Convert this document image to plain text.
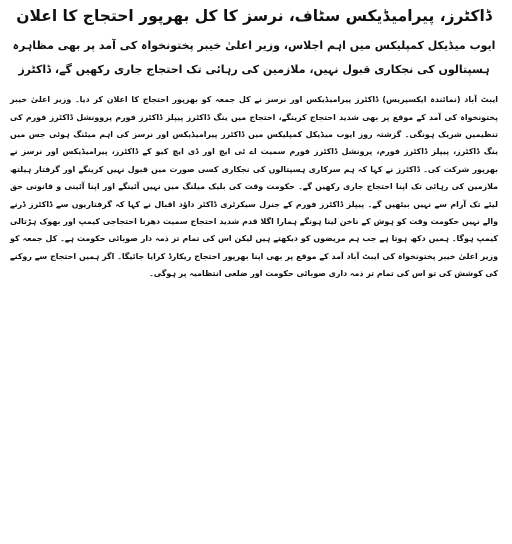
ڈاکٹرز، پیرامیڈیکس سٹاف، نرسز کا کل بھرپور احتجاج کا اعلان
ایوب میڈیکل کمپلیکس میں اہم اجلاس، وزیر اعلیٰ خیبر پختونخواہ کی آمد پر بھی مظاہرہ
ہسپتالوں کی نجکاری قبول نہیں، ملازمین کی رہائی تک احتجاج جاری رکھیں گے، ڈاکٹرز

ایبٹ آباد (نمائندہ ایکسپریس) ڈاکٹرز پیرامیڈیکس اور نرسز نے کل جمعہ کو بھرپور احتجاج کا اعلان کر دیا۔ وزیر اعلیٰ خیبر پختونخواہ کی آمد کے موقع پر بھی شدید احتجاج کرینگے، احتجاج میں ینگ ڈاکٹرز پیپلز ڈاکٹرز فورم پروونشل ڈاکٹرز فورم کی تنظیمیں شریک ہونگی۔ گزشتہ روز ایوب میڈیکل کمپلیکس میں ڈاکٹرز پیرامیڈیکس اور نرسز کی اہم میٹنگ ہوئی جس میں ینگ ڈاکٹرز، پیپلز ڈاکٹرز فورم، پرونشل ڈاکٹرز فورم سمیت اے ٹی ایچ اور ڈی ایچ کیو کے ڈاکٹرز، پیرامیڈیکس اور نرسز نے بھرپور شرکت کی۔ ڈاکٹرز نے کہا کہ ہم سرکاری ہسپتالوں کی نجکاری کسی صورت میں قبول نہیں کرینگے اور گرفتار ہیلتھ ملازمین کی رہائی تک اپنا احتجاج جاری رکھیں گے۔ حکومت وقت کی بلیک میلنگ میں نہیں آئینگے اور اپنا آئینی و قانونی حق لیئے تک آرام سے نہیں بیٹھیں گے۔ پیپلز ڈاکٹرز فورم کے جنرل سیکرٹری ڈاکٹر داؤد اقبال نے کہا کہ گرفتاریوں سے ڈاکٹرز ڈرنے والے نہیں حکومت وقت کو ہوش کے ناخن لینا ہونگے ہمارا اگلا قدم شدید احتجاج سمیت دھرنا احتجاجی کیمپ اور بھوک ہڑتالی کیمپ ہوگا۔ ہمیں دکھ ہوتا ہے جب ہم مریضوں کو دیکھتے ہیں لیکن اس کی تمام تر ذمہ دار صوبائی حکومت ہے۔ کل جمعہ کو وزیر اعلیٰ خیبر پختونخواہ کی ایبٹ آباد آمد کے موقع پر بھی اپنا بھرپور احتجاج ریکارڈ کرایا جائیگا۔ اگر ہمیں احتجاج سے روکنے کی کوشش کی تو اس کی تمام تر ذمہ داری صوبائی حکومت اور ضلعی انتظامیہ پر ہوگی۔
